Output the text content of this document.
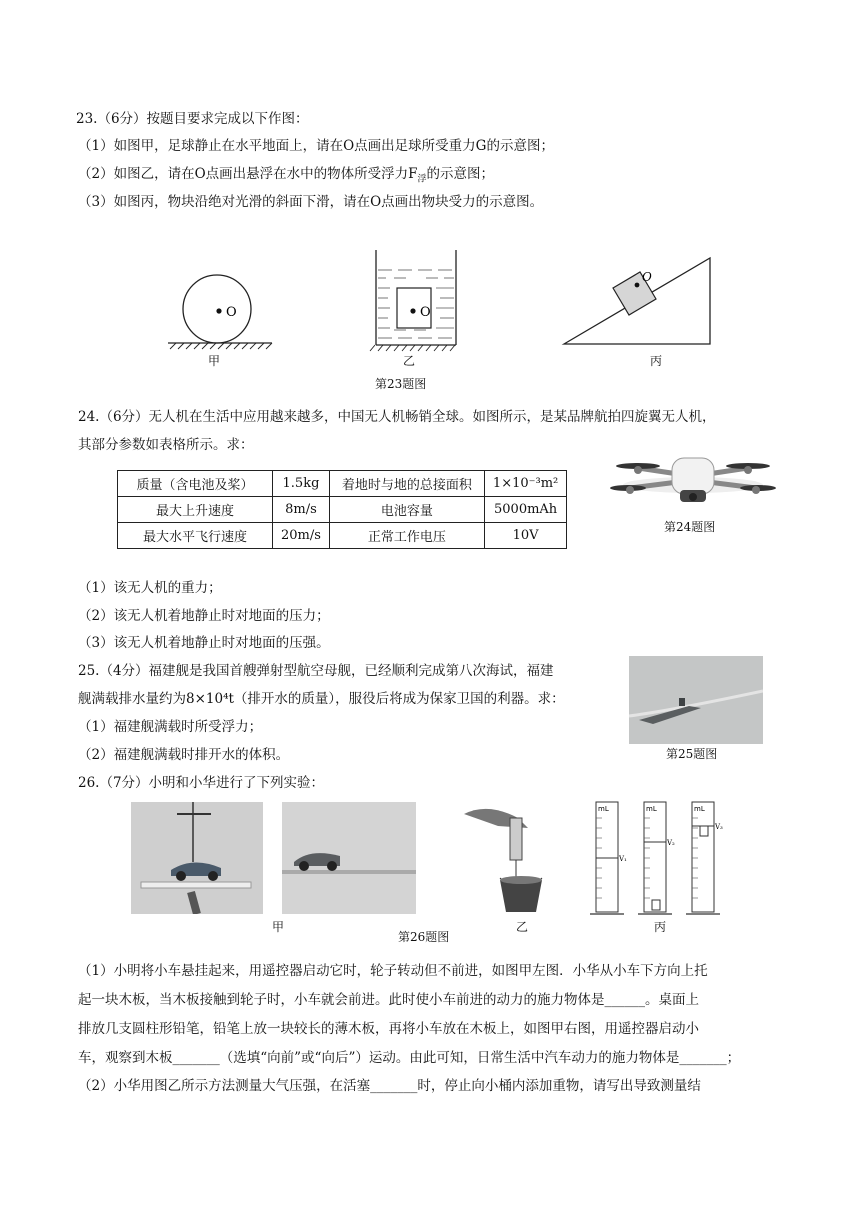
23.（6分）按题目要求完成以下作图：
（1）如图甲，足球静止在水平地面上，请在O点画出足球所受重力G的示意图；
（2）如图乙，请在O点画出悬浮在水中的物体所受浮力$F_浮$的示意图；
（3）如图丙，物块沿绝对光滑的斜面下滑，请在O点画出物块受力的示意图。
O
甲
O
乙
O
丙
第23题图
24.（6分）无人机在生活中应用越来越多，中国无人机畅销全球。如图所示，是某品牌航拍四旋翼无人机，
其部分参数如表格所示。求：
质量（含电池及桨）	1.5kg	着地时与地的总接面积	1×10⁻³m²
最大上升速度	8m/s	电池容量	5000mAh
最大水平飞行速度	20m/s	正常工作电压	10V
第24题图
（1）该无人机的重力；
（2）该无人机着地静止时对地面的压力；
（3）该无人机着地静止时对地面的压强。
25.（4分）福建舰是我国首艘弹射型航空母舰，已经顺利完成第八次海试，福建
舰满载排水量约为8×10⁴t（排开水的质量），服役后将成为保家卫国的利器。求：
（1）福建舰满载时所受浮力；
（2）福建舰满载时排开水的体积。	第25题图
26.（7分）小明和小华进行了下列实验：
甲	乙
mL	mL	mL
V₁
V₂
V₃
丙
第26题图
（1）小明将小车悬挂起来，用遥控器启动它时，轮子转动但不前进，如图甲左图．小华从小车下方向上托
起一块木板，当木板接触到轮子时，小车就会前进。此时使小车前进的动力的施力物体是______。桌面上
排放几支圆柱形铅笔，铅笔上放一块较长的薄木板，再将小车放在木板上，如图甲右图，用遥控器启动小
车，观察到木板_______（选填“向前”或“向后”）运动。由此可知，日常生活中汽车动力的施力物体是_______；
（2）小华用图乙所示方法测量大气压强，在活塞_______时，停止向小桶内添加重物，请写出导致测量结
